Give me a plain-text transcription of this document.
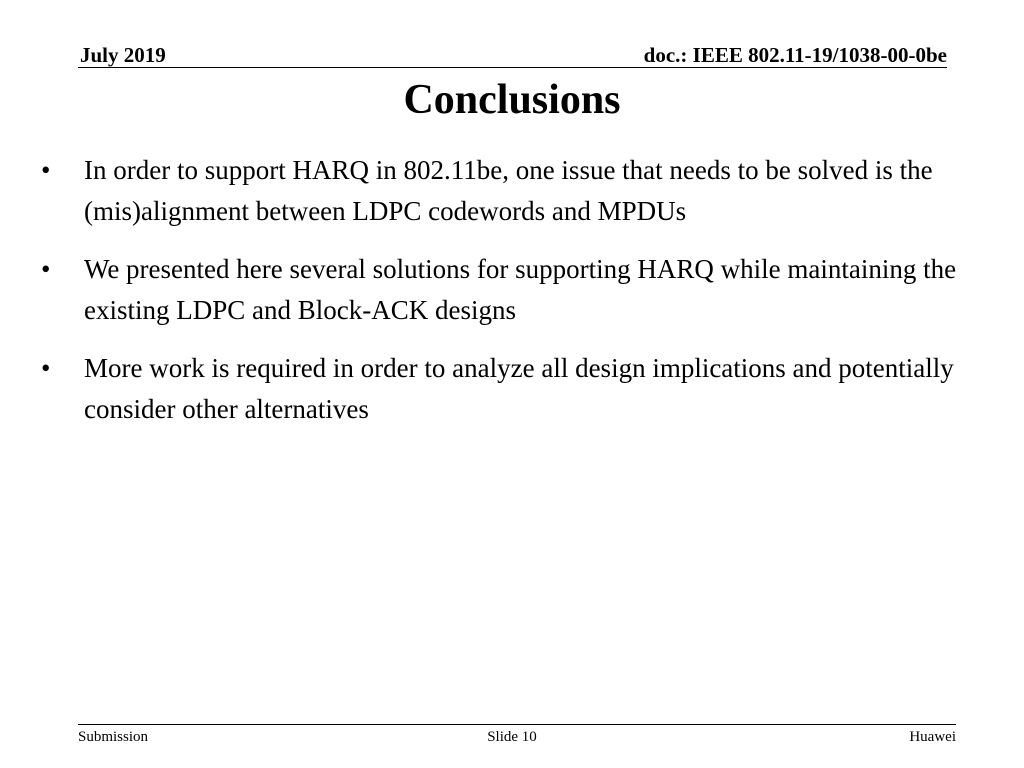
July 2019	doc.: IEEE 802.11-19/1038-00-0be
Conclusions
•	In order to support HARQ in 802.11be, one issue that needs to be solved is the (mis)alignment between LDPC codewords and MPDUs
•	We presented here several solutions for supporting HARQ while maintaining the existing LDPC and Block-ACK designs
•	More work is required in order to analyze all design implications and potentially consider other alternatives
Submission	Slide 10	Huawei
